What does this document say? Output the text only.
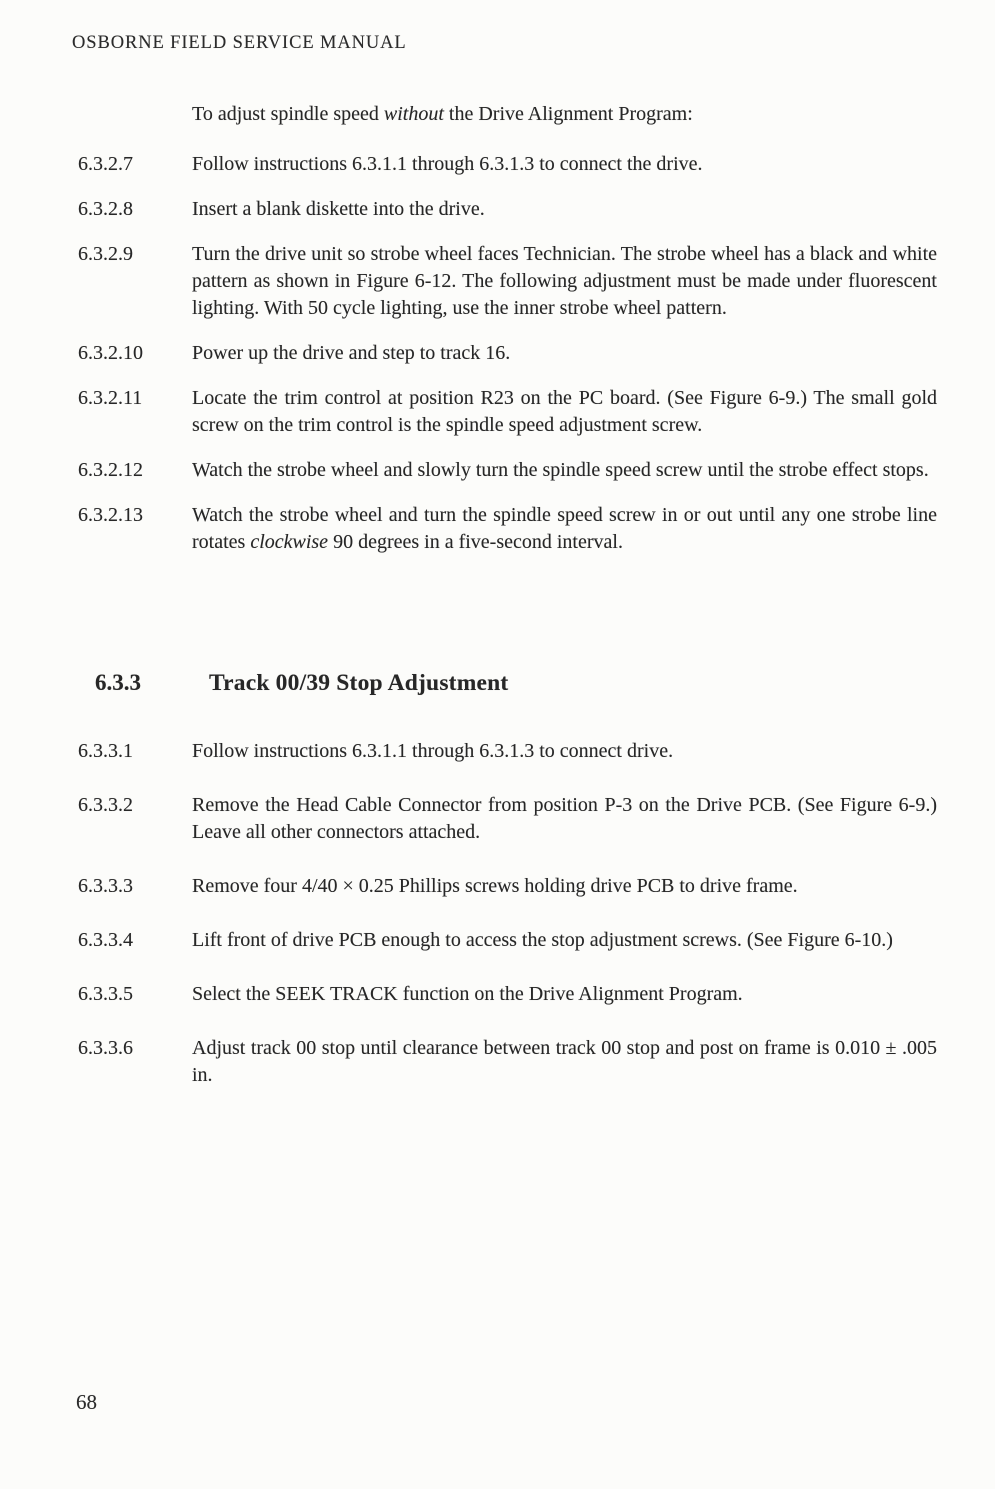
OSBORNE FIELD SERVICE MANUAL

To adjust spindle speed without the Drive Alignment Program:

6.3.2.7	Follow instructions 6.3.1.1 through 6.3.1.3 to connect the drive.

6.3.2.8	Insert a blank diskette into the drive.

6.3.2.9	Turn the drive unit so strobe wheel faces Technician. The strobe wheel has a black and white pattern as shown in Figure 6-12. The following adjustment must be made under fluorescent lighting. With 50 cycle lighting, use the inner strobe wheel pattern.

6.3.2.10	Power up the drive and step to track 16.

6.3.2.11	Locate the trim control at position R23 on the PC board. (See Figure 6-9.) The small gold screw on the trim control is the spindle speed adjustment screw.

6.3.2.12	Watch the strobe wheel and slowly turn the spindle speed screw until the strobe effect stops.

6.3.2.13	Watch the strobe wheel and turn the spindle speed screw in or out until any one strobe line rotates clockwise 90 degrees in a five-second interval.

6.3.3	Track 00/39 Stop Adjustment
6.3.3.1	Follow instructions 6.3.1.1 through 6.3.1.3 to connect drive.

6.3.3.2	Remove the Head Cable Connector from position P-3 on the Drive PCB. (See Figure 6-9.) Leave all other connectors attached.

6.3.3.3	Remove four 4/40 × 0.25 Phillips screws holding drive PCB to drive frame.

6.3.3.4	Lift front of drive PCB enough to access the stop adjustment screws. (See Figure 6-10.)

6.3.3.5	Select the SEEK TRACK function on the Drive Alignment Program.

6.3.3.6	Adjust track 00 stop until clearance between track 00 stop and post on frame is 0.010 ± .005 in.

68
